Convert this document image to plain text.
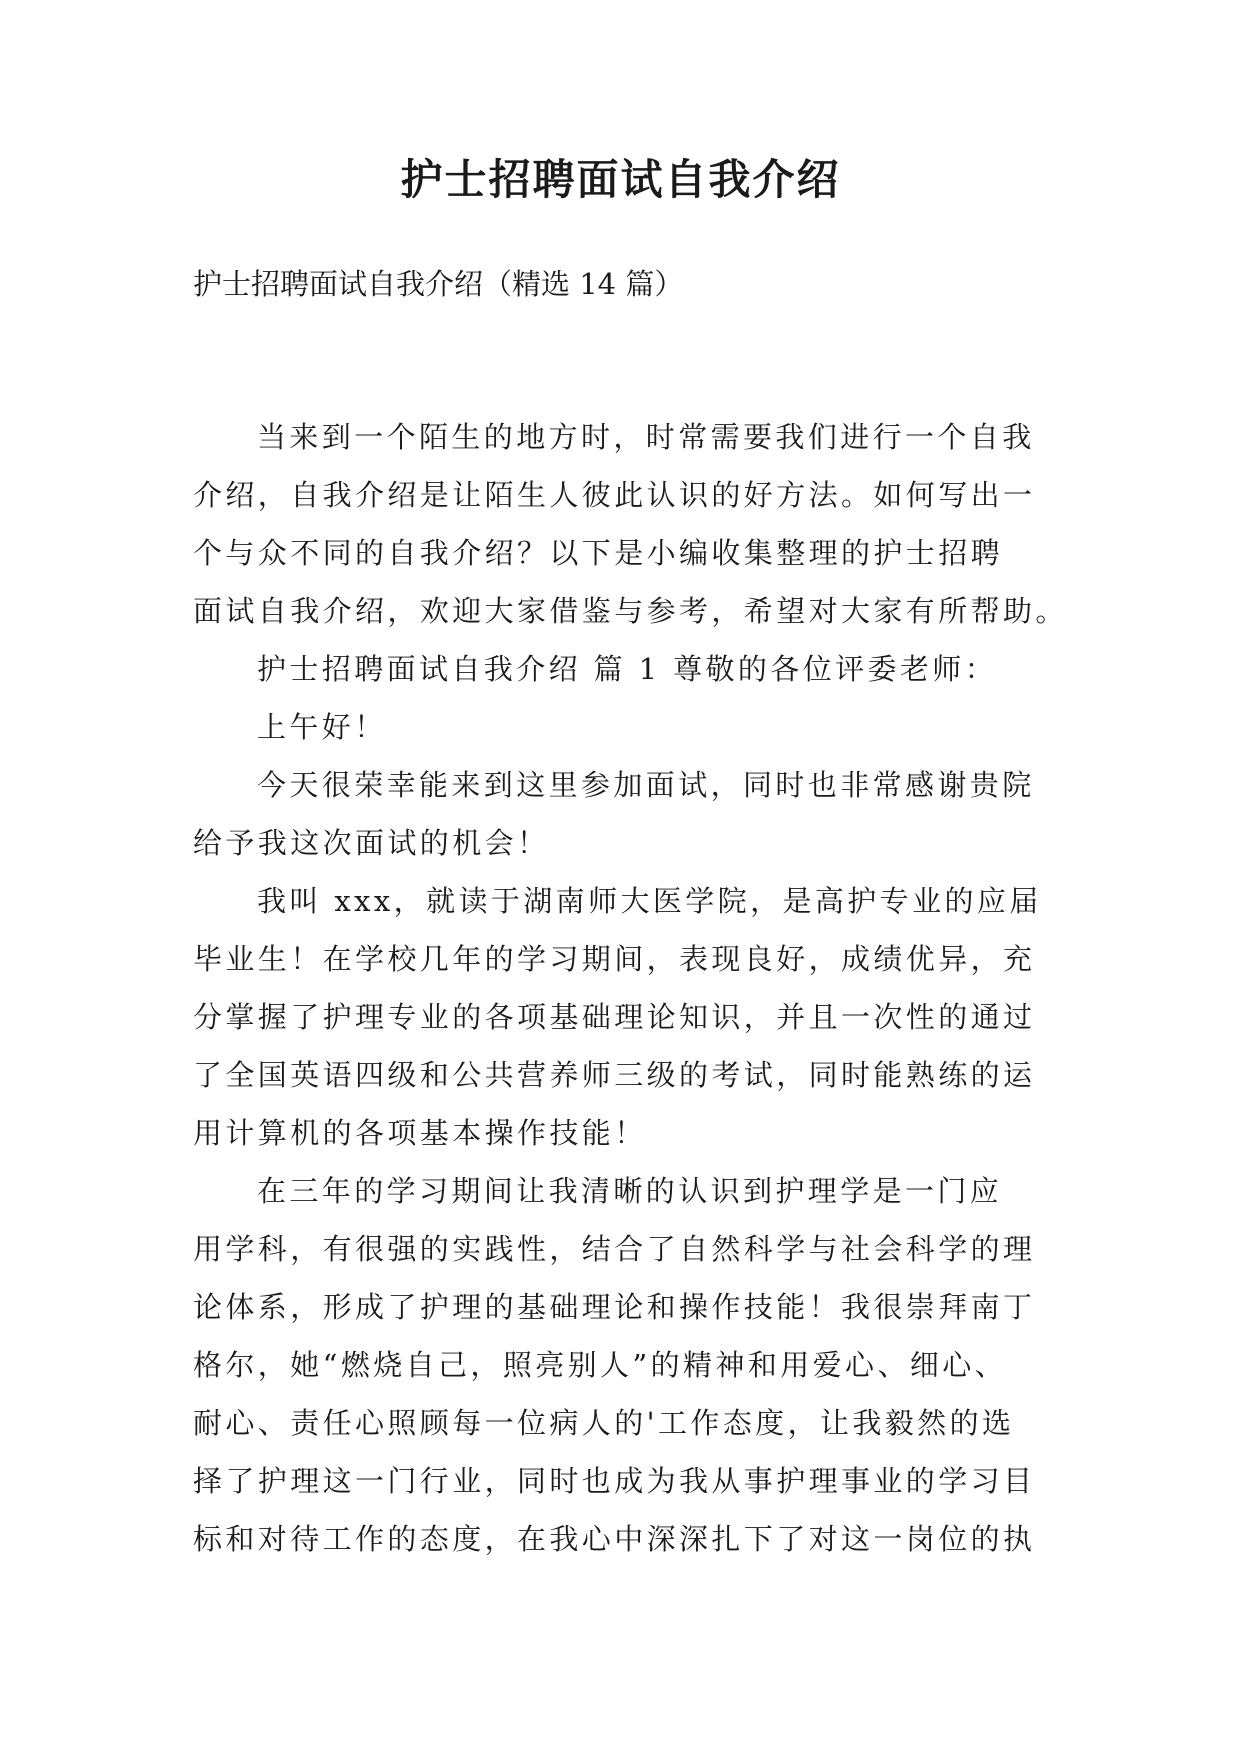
护士招聘面试自我介绍

护士招聘面试自我介绍（精选 14 篇）

当来到一个陌生的地方时，时常需要我们进行一个自我
介绍，自我介绍是让陌生人彼此认识的好方法。如何写出一
个与众不同的自我介绍？以下是小编收集整理的护士招聘
面试自我介绍，欢迎大家借鉴与参考，希望对大家有所帮助。
护士招聘面试自我介绍 篇 1 尊敬的各位评委老师：
上午好！
今天很荣幸能来到这里参加面试，同时也非常感谢贵院
给予我这次面试的机会！
我叫 xxx，就读于湖南师大医学院，是高护专业的应届
毕业生！在学校几年的学习期间，表现良好，成绩优异，充
分掌握了护理专业的各项基础理论知识，并且一次性的通过
了全国英语四级和公共营养师三级的考试，同时能熟练的运
用计算机的各项基本操作技能！
在三年的学习期间让我清晰的认识到护理学是一门应
用学科，有很强的实践性，结合了自然科学与社会科学的理
论体系，形成了护理的基础理论和操作技能！我很崇拜南丁
格尔，她“燃烧自己，照亮别人”的精神和用爱心、细心、
耐心、责任心照顾每一位病人的'工作态度，让我毅然的选
择了护理这一门行业，同时也成为我从事护理事业的学习目
标和对待工作的态度，在我心中深深扎下了对这一岗位的执
